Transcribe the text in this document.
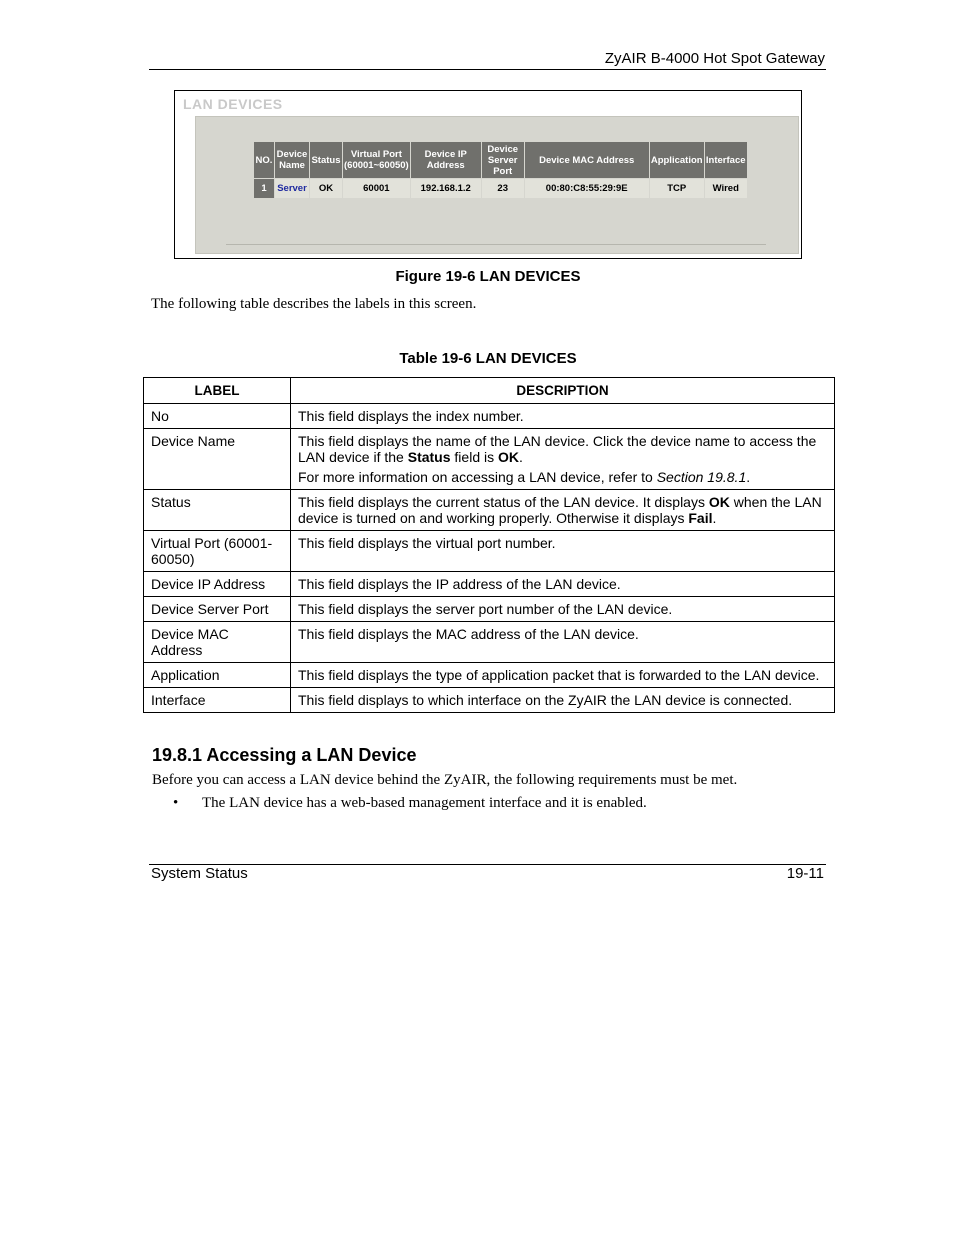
ZyAIR B-4000 Hot Spot Gateway
LAN DEVICES
NO.	Device Name	Status	Virtual Port (60001~60050)	Device IP Address	Device Server Port	Device MAC Address	Application	Interface
1	Server	OK	60001	192.168.1.2	23	00:80:C8:55:29:9E	TCP	Wired
Figure 19-6 LAN DEVICES
The following table describes the labels in this screen.
Table 19-6 LAN DEVICES
LABEL	DESCRIPTION
No	This field displays the index number.
Device Name	This field displays the name of the LAN device. Click the device name to access the LAN device if the Status field is OK.

For more information on accessing a LAN device, refer to Section 19.8.1.

Status	This field displays the current status of the LAN device. It displays OK when the LAN device is turned on and working properly. Otherwise it displays Fail.
Virtual Port (60001-60050)	This field displays the virtual port number.
Device IP Address	This field displays the IP address of the LAN device.
Device Server Port	This field displays the server port number of the LAN device.
Device MAC Address	This field displays the MAC address of the LAN device.
Application	This field displays the type of application packet that is forwarded to the LAN device.
Interface	This field displays to which interface on the ZyAIR the LAN device is connected.
19.8.1 Accessing a LAN Device
Before you can access a LAN device behind the ZyAIR, the following requirements must be met.
• The LAN device has a web-based management interface and it is enabled.
System Status	19-11
